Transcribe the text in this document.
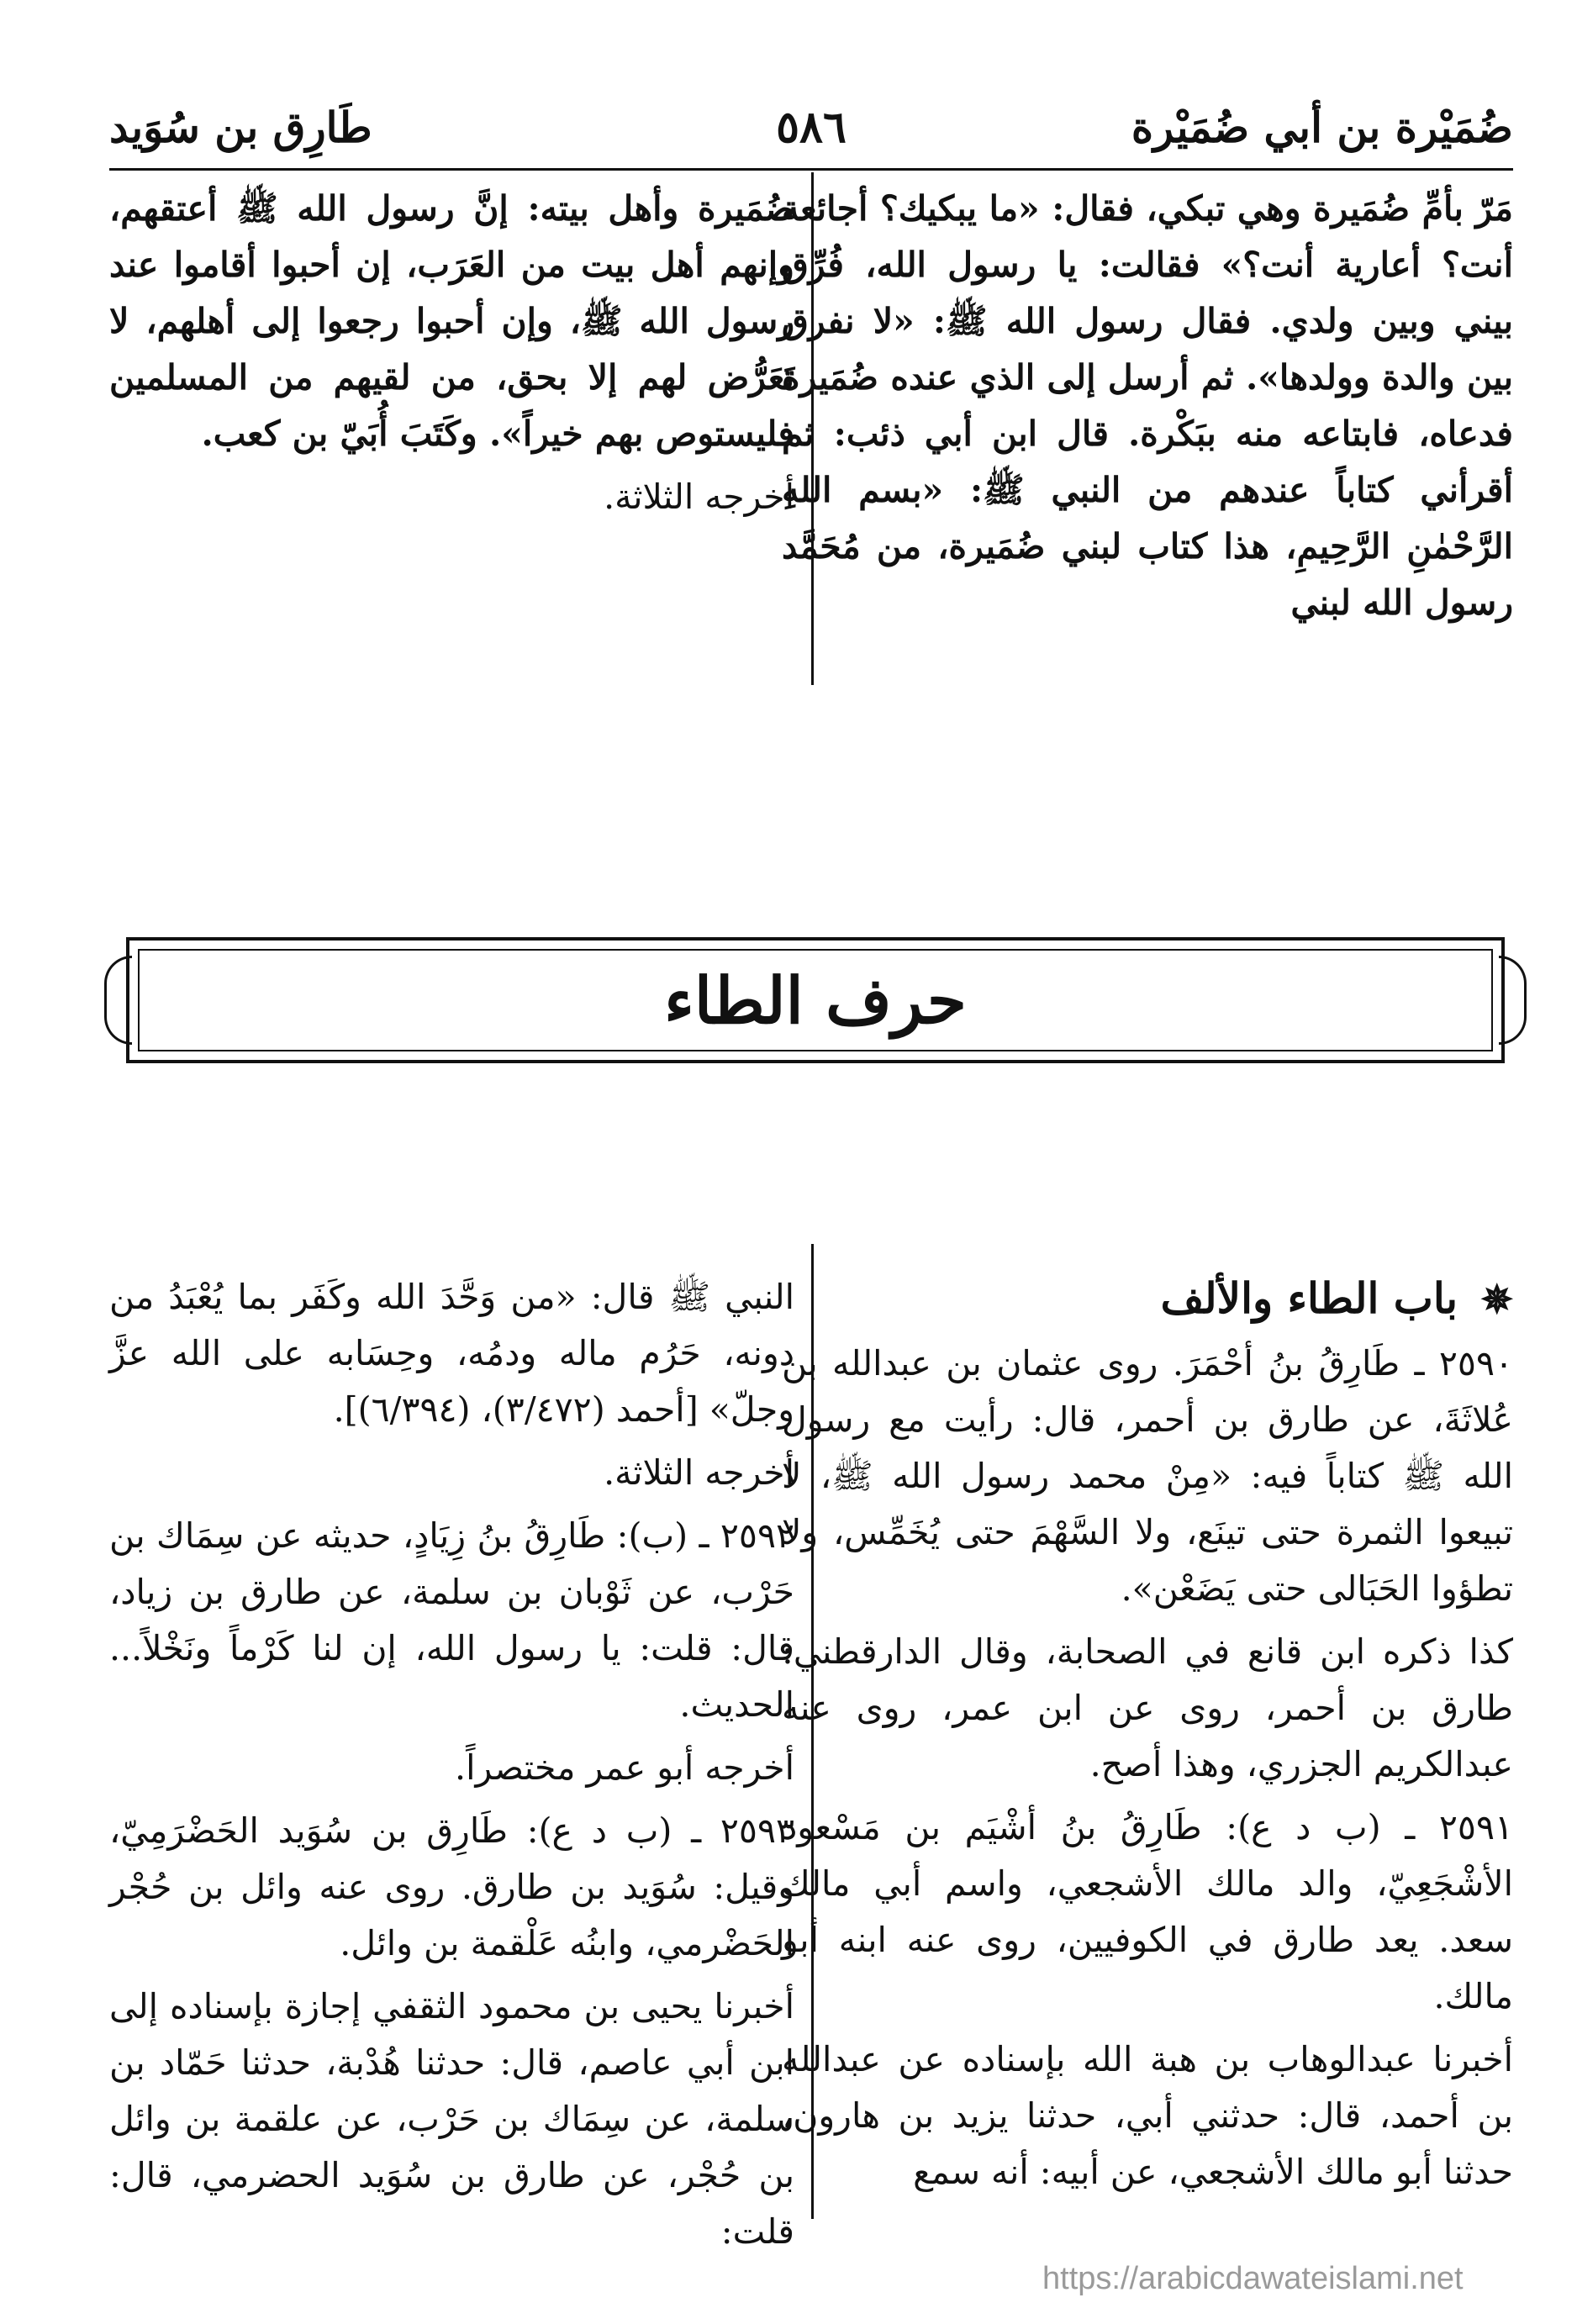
ضُمَيْرة بن أبي ضُمَيْرة
٥٨٦
طَارِق بن سُوَيد

مَرّ بأمِّ ضُمَيرة وهي تبكي، فقال: «ما يبكيك؟ أجائعة أنت؟ أعارية أنت؟» فقالت: يا رسول الله، فُرِّق بيني وبين ولدي. فقال رسول الله ﷺ: «لا نفرق بين والدة وولدها». ثم أرسل إلى الذي عنده ضُمَيرة فدعاه، فابتاعه منه ببَكْرة. قال ابن أبي ذئب: ثم أقرأني كتاباً عندهم من النبي ﷺ: «بسم اللهِ الرَّحْمٰنِ الرَّحِيمِ، هذا كتاب لبني ضُمَيرة، من مُحَمَّد رسول الله لبني

ضُمَيرة وأهل بيته: إنَّ رسول الله ﷺ أعتقهم، وإنهم أهل بيت من العَرَب، إن أحبوا أقاموا عند رسول الله ﷺ، وإن أحبوا رجعوا إلى أهلهم، لا تَعَرُّض لهم إلا بحق، من لقيهم من المسلمين فليستوص بهم خيراً». وكَتَبَ أُبَيّ بن كعب.

أخرجه الثلاثة.

حرف الطاء

✵ باب الطاء والألف

٢٥٩٠ ـ طَارِقُ بنُ أحْمَرَ. روى عثمان بن عبدالله بن عُلاثَةَ، عن طارق بن أحمر، قال: رأيت مع رسول الله ﷺ كتاباً فيه: «مِنْ محمد رسول الله ﷺ، لا تبيعوا الثمرة حتى تينَع، ولا السَّهْمَ حتى يُخَمِّس، ولا تطؤوا الحَبَالى حتى يَضَعْن».

كذا ذكره ابن قانع في الصحابة، وقال الدارقطني: طارق بن أحمر، روى عن ابن عمر، روى عنه عبدالكريم الجزري، وهذا أصح.

٢٥٩١ ـ (ب د ع): طَارِقُ بنُ أشْيَم بن مَسْعود الأشْجَعِيّ، والد مالك الأشجعي، واسم أبي مالك سعد. يعد طارق في الكوفيين، روى عنه ابنه أبو مالك.

أخبرنا عبدالوهاب بن هبة الله بإسناده عن عبدالله بن أحمد، قال: حدثني أبي، حدثنا يزيد بن هارون، حدثنا أبو مالك الأشجعي، عن أبيه: أنه سمع

النبي ﷺ قال: «من وَحَّدَ الله وكَفَر بما يُعْبَدُ من دونه، حَرُم ماله ودمُه، وحِسَابه على الله عزَّ وجلّ» [أحمد (٣/٤٧٢)، (٦/٣٩٤)].

أخرجه الثلاثة.

٢٥٩٢ ـ (ب): طَارِقُ بنُ زِيَادٍ، حديثه عن سِمَاك بن حَرْب، عن ثَوْبان بن سلمة، عن طارق بن زياد، قال: قلت: يا رسول الله، إن لنا كَرْماً ونَخْلاً... الحديث.

أخرجه أبو عمر مختصراً.

٢٥٩٣ ـ (ب د ع): طَارِق بن سُوَيد الحَضْرَمِيّ، وقيل: سُوَيد بن طارق. روى عنه وائل بن حُجْر الحَضْرمي، وابنُه عَلْقمة بن وائل.

أخبرنا يحيى بن محمود الثقفي إجازة بإسناده إلى ابن أبي عاصم، قال: حدثنا هُدْبة، حدثنا حَمّاد بن سلمة، عن سِمَاك بن حَرْب، عن علقمة بن وائل بن حُجْر، عن طارق بن سُوَيد الحضرمي، قال: قلت:

https://arabicdawateislami.net
